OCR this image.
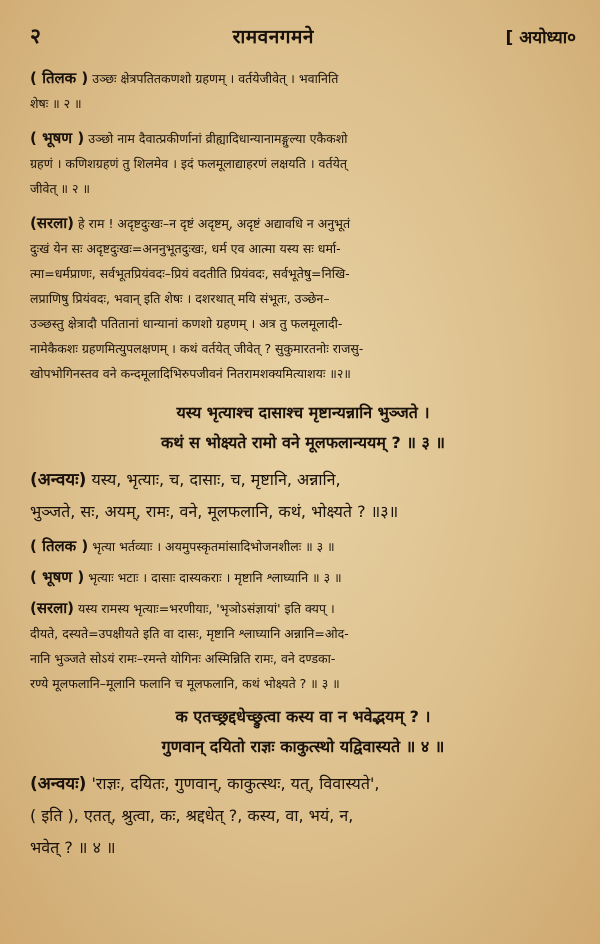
२	रामवनगमने	[ अयोध्या०
( तिलक ) उञ्छः क्षेत्रपतितकणशो ग्रहणम् । वर्तयेजीवेत् । भवानिति
शेषः ॥ २ ॥
( भूषण ) उञ्छो नाम दैवात्प्रकीर्णानां व्रीह्यादिधान्यानामङ्गुल्या एकैकशो
ग्रहणं । कणिशग्रहणं तु शिलमेव । इदं फलमूलाद्याहरणं लक्षयति । वर्तयेत्
जीवेत् ॥ २ ॥
(सरला) हे राम ! अदृष्टदुःखः–न दृष्टं अदृष्टम्, अदृष्टं अद्यावधि न अनुभूतं
दुःखं येन सः अदृष्टदुःखः=अननुभूतदुःखः, धर्म एव आत्मा यस्य सः धर्मा-
त्मा=धर्मप्राणः, सर्वभूतप्रियंवदः–प्रियं वदतीति प्रियंवदः, सर्वभूतेषु=निखि-
लप्राणिषु प्रियंवदः, भवान् इति शेषः । दशरथात् मयि संभूतः, उञ्छेन–
उञ्छस्तु क्षेत्रादौ पतितानां धान्यानां कणशो ग्रहणम् । अत्र तु फलमूलादी-
नामेकैकशः ग्रहणमित्युपलक्षणम् । कथं वर्तयेत् जीवेत् ? सुकुमारतनोः राजसु-
खोपभोगिनस्तव वने कन्दमूलादिभिरुपजीवनं नितरामशक्यमित्याशयः ॥२॥
यस्य भृत्याश्च दासाश्च मृष्टान्यन्नानि भुञ्जते ।
कथं स भोक्ष्यते रामो वने मूलफलान्ययम् ? ॥ ३ ॥
(अन्वयः) यस्य, भृत्याः, च, दासाः, च, मृष्टानि, अन्नानि,
भुञ्जते, सः, अयम्, रामः, वने, मूलफलानि, कथं, भोक्ष्यते ? ॥३॥
( तिलक ) भृत्या भर्तव्याः । अयमुपस्कृतमांसादिभोजनशीलः ॥ ३ ॥
( भूषण ) भृत्याः भटाः । दासाः दास्यकराः । मृष्टानि श्लाघ्यानि ॥ ३ ॥
(सरला) यस्य रामस्य भृत्याः=भरणीयाः, 'भृञोऽसंज्ञायां' इति क्यप् ।
दीयते, दस्यते=उपक्षीयते इति वा दासः, मृष्टानि श्लाघ्यानि अन्नानि=ओद-
नानि भुञ्जते सोऽयं रामः–रमन्ते योगिनः अस्मिन्निति रामः, वने दण्डका-
रण्ये मूलफलानि–मूलानि फलानि च मूलफलानि, कथं भोक्ष्यते ? ॥ ३ ॥
क एतच्छ्रद्दधेच्छ्रुत्वा कस्य वा न भवेद्भयम् ? ।
गुणवान् दयितो राज्ञः काकुत्स्थो यद्विवास्यते ॥ ४ ॥
(अन्वयः) 'राज्ञः, दयितः, गुणवान्, काकुत्स्थः, यत्, विवास्यते',
( इति ), एतत्, श्रुत्वा, कः, श्रद्दधेत् ?, कस्य, वा, भयं, न,
भवेत् ? ॥ ४ ॥
